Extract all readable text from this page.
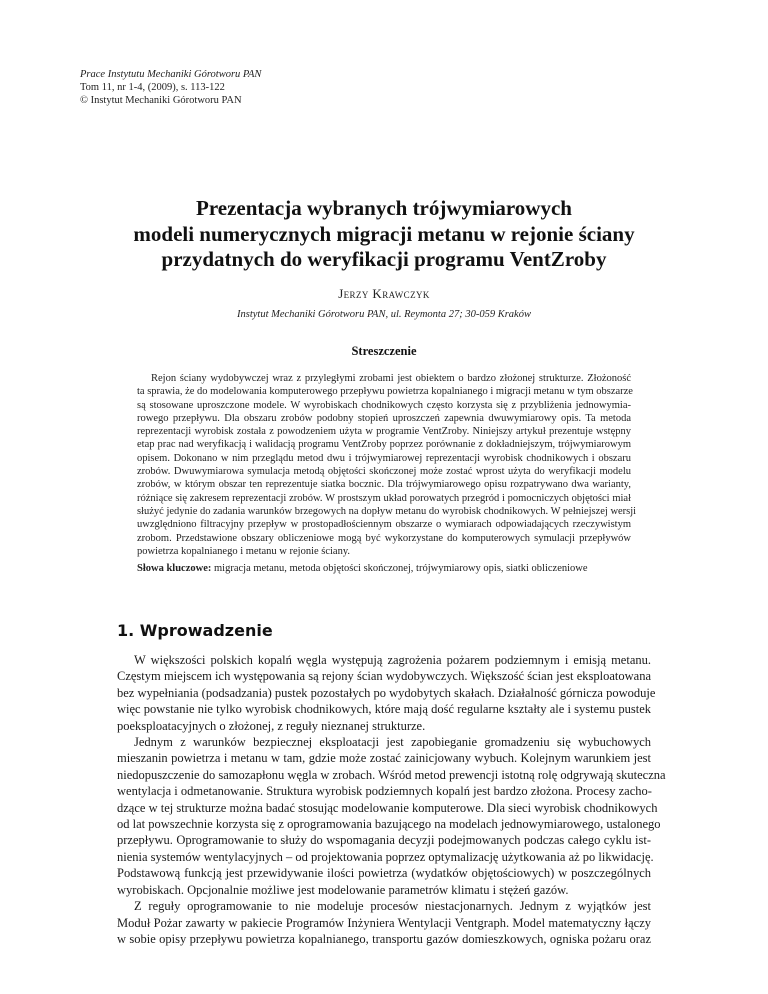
Prace Instytutu Mechaniki Górotworu PAN
Tom 11, nr 1-4, (2009), s. 113-122
© Instytut Mechaniki Górotworu PAN
Prezentacja wybranych trójwymiarowych
modeli numerycznych migracji metanu w rejonie ściany
przydatnych do weryfikacji programu VentZroby
Jerzy Krawczyk
Instytut Mechaniki Górotworu PAN, ul. Reymonta 27; 30-059 Kraków
Streszczenie
Rejon ściany wydobywczej wraz z przyległymi zrobami jest obiektem o bardzo złożonej strukturze. Złożoność
ta sprawia, że do modelowania komputerowego przepływu powietrza kopalnianego i migracji metanu w tym obszarze
są stosowane uproszczone modele. W wyrobiskach chodnikowych często korzysta się z przybliżenia jednowymia-
rowego przepływu. Dla obszaru zrobów podobny stopień uproszczeń zapewnia dwuwymiarowy opis. Ta metoda
reprezentacji wyrobisk została z powodzeniem użyta w programie VentZroby. Niniejszy artykuł prezentuje wstępny
etap prac nad weryfikacją i walidacją programu VentZroby poprzez porównanie z dokładniejszym, trójwymiarowym
opisem. Dokonano w nim przeglądu metod dwu i trójwymiarowej reprezentacji wyrobisk chodnikowych i obszaru
zrobów. Dwuwymiarowa symulacja metodą objętości skończonej może zostać wprost użyta do weryfikacji modelu
zrobów, w którym obszar ten reprezentuje siatka bocznic. Dla trójwymiarowego opisu rozpatrywano dwa warianty,
różniące się zakresem reprezentacji zrobów. W prostszym układ porowatych przegród i pomocniczych objętości miał
służyć jedynie do zadania warunków brzegowych na dopływ metanu do wyrobisk chodnikowych. W pełniejszej wersji
uwzględniono filtracyjny przepływ w prostopadłościennym obszarze o wymiarach odpowiadających rzeczywistym
zrobom. Przedstawione obszary obliczeniowe mogą być wykorzystane do komputerowych symulacji przepływów
powietrza kopalnianego i metanu w rejonie ściany.
Słowa kluczowe: migracja metanu, metoda objętości skończonej, trójwymiarowy opis, siatki obliczeniowe
1. Wprowadzenie
W większości polskich kopalń węgla występują zagrożenia pożarem podziemnym i emisją metanu.
Częstym miejscem ich występowania są rejony ścian wydobywczych. Większość ścian jest eksploatowana
bez wypełniania (podsadzania) pustek pozostałych po wydobytych skałach. Działalność górnicza powoduje
więc powstanie nie tylko wyrobisk chodnikowych, które mają dość regularne kształty ale i systemu pustek
poeksploatacyjnych o złożonej, z reguły nieznanej strukturze.
Jednym z warunków bezpiecznej eksploatacji jest zapobieganie gromadzeniu się wybuchowych
mieszanin powietrza i metanu w tam, gdzie może zostać zainicjowany wybuch. Kolejnym warunkiem jest
niedopuszczenie do samozapłonu węgla w zrobach. Wśród metod prewencji istotną rolę odgrywają skuteczna
wentylacja i odmetanowanie. Struktura wyrobisk podziemnych kopalń jest bardzo złożona. Procesy zacho-
dzące w tej strukturze można badać stosując modelowanie komputerowe. Dla sieci wyrobisk chodnikowych
od lat powszechnie korzysta się z oprogramowania bazującego na modelach jednowymiarowego, ustalonego
przepływu. Oprogramowanie to służy do wspomagania decyzji podejmowanych podczas całego cyklu ist-
nienia systemów wentylacyjnych – od projektowania poprzez optymalizację użytkowania aż po likwidację.
Podstawową funkcją jest przewidywanie ilości powietrza (wydatków objętościowych) w poszczególnych
wyrobiskach. Opcjonalnie możliwe jest modelowanie parametrów klimatu i stężeń gazów.
Z reguły oprogramowanie to nie modeluje procesów niestacjonarnych. Jednym z wyjątków jest
Moduł Pożar zawarty w pakiecie Programów Inżyniera Wentylacji Ventgraph. Model matematyczny łączy
w sobie opisy przepływu powietrza kopalnianego, transportu gazów domieszkowych, ogniska pożaru oraz
